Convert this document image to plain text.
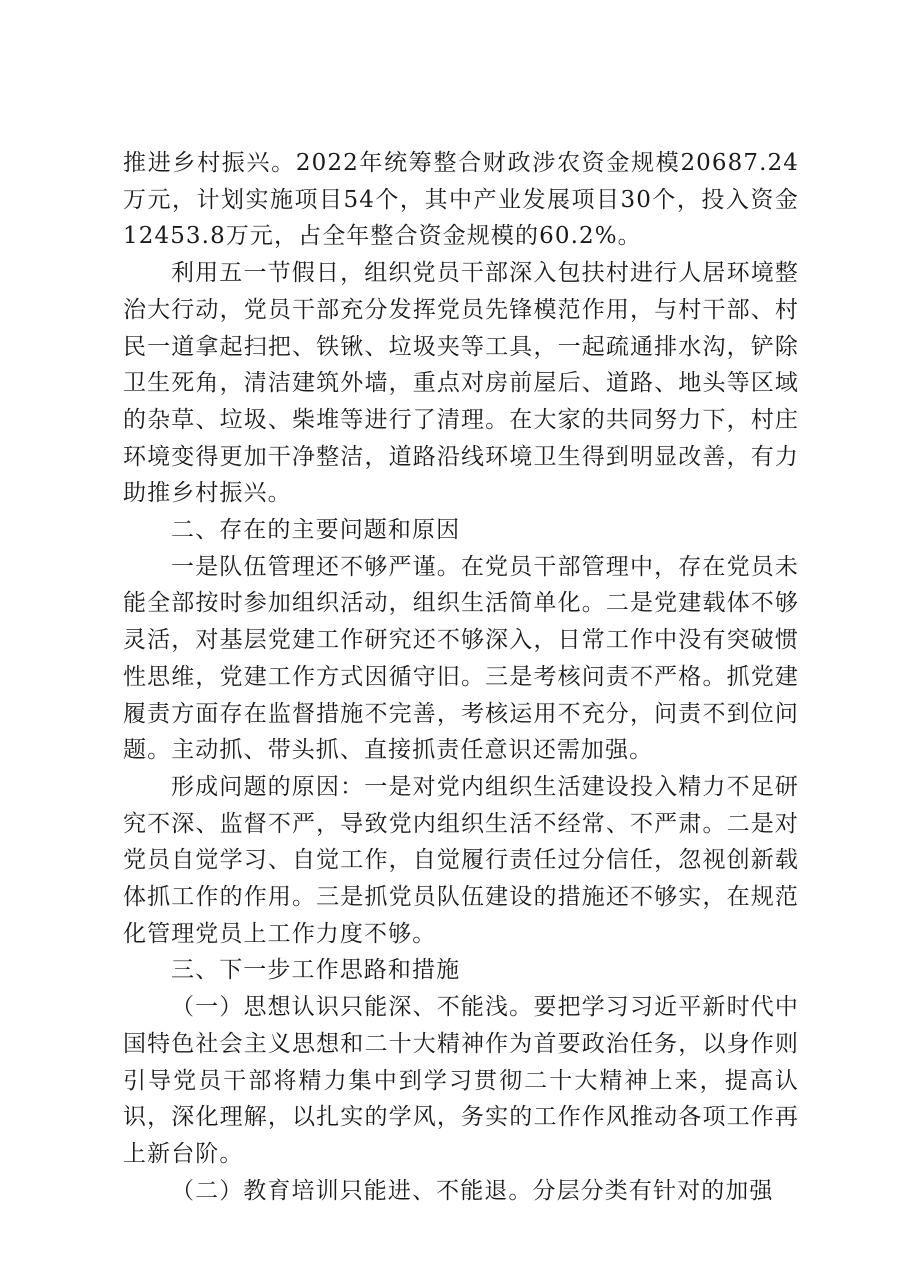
推进乡村振兴。2022年统筹整合财政涉农资金规模20687.24万元，计划实施项目54个，其中产业发展项目30个，投入资金12453.8万元，占全年整合资金规模的60.2%。

利用五一节假日，组织党员干部深入包扶村进行人居环境整治大行动，党员干部充分发挥党员先锋模范作用，与村干部、村民一道拿起扫把、铁锹、垃圾夹等工具，一起疏通排水沟，铲除卫生死角，清洁建筑外墙，重点对房前屋后、道路、地头等区域的杂草、垃圾、柴堆等进行了清理。在大家的共同努力下，村庄环境变得更加干净整洁，道路沿线环境卫生得到明显改善，有力助推乡村振兴。

二、存在的主要问题和原因

一是队伍管理还不够严谨。在党员干部管理中，存在党员未能全部按时参加组织活动，组织生活简单化。二是党建载体不够灵活，对基层党建工作研究还不够深入，日常工作中没有突破惯性思维，党建工作方式因循守旧。三是考核问责不严格。抓党建履责方面存在监督措施不完善，考核运用不充分，问责不到位问题。主动抓、带头抓、直接抓责任意识还需加强。

形成问题的原因：一是对党内组织生活建设投入精力不足研究不深、监督不严，导致党内组织生活不经常、不严肃。二是对党员自觉学习、自觉工作，自觉履行责任过分信任，忽视创新载体抓工作的作用。三是抓党员队伍建设的措施还不够实，在规范化管理党员上工作力度不够。

三、下一步工作思路和措施

（一）思想认识只能深、不能浅。要把学习习近平新时代中国特色社会主义思想和二十大精神作为首要政治任务，以身作则引导党员干部将精力集中到学习贯彻二十大精神上来，提高认识，深化理解，以扎实的学风，务实的工作作风推动各项工作再上新台阶。

（二）教育培训只能进、不能退。分层分类有针对的加强
